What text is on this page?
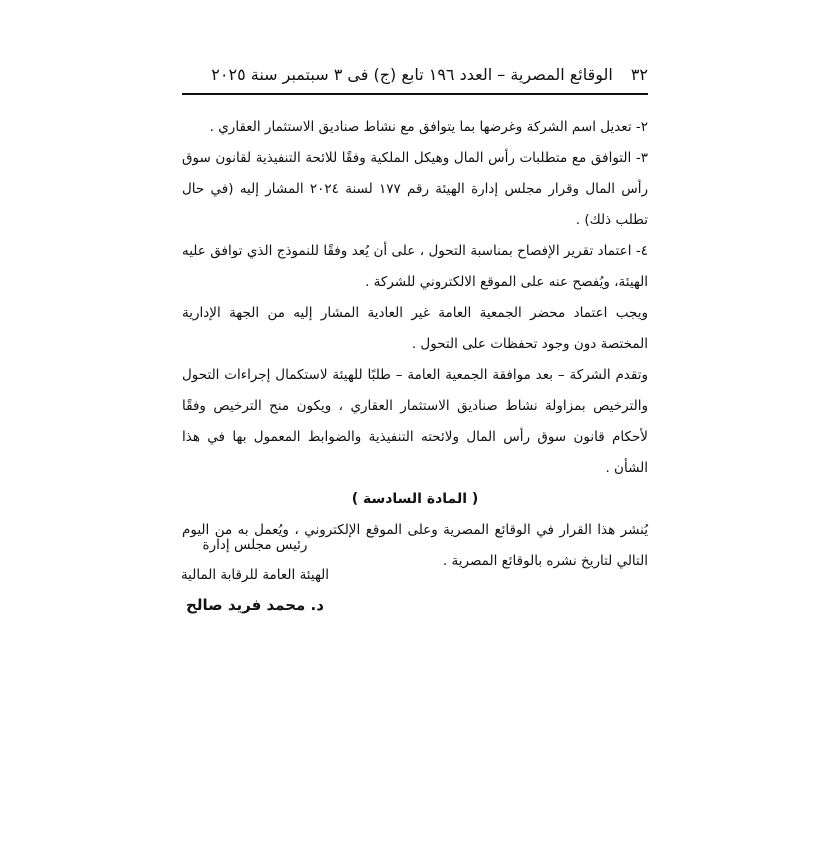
٣٢الوقائع المصرية – العدد ١٩٦ تابع (ج) فى ٣ سبتمبر سنة ٢٠٢٥

٢- تعديل اسم الشركة وغرضها بما يتوافق مع نشاط صناديق الاستثمار العقاري .

٣- التوافق مع متطلبات رأس المال وهيكل الملكية وفقًا للائحة التنفيذية لقانون سوق رأس المال وقرار مجلس إدارة الهيئة رقم ١٧٧ لسنة ٢٠٢٤ المشار إليه (في حال تطلب ذلك) .

٤- اعتماد تقرير الإفصاح بمناسبة التحول ، على أن يُعد وفقًا للنموذج الذي توافق عليه الهيئة، ويُفصح عنه على الموقع الالكتروني للشركة .

ويجب اعتماد محضر الجمعية العامة غير العادية المشار إليه من الجهة الإدارية المختصة دون وجود تحفظات على التحول .

وتقدم الشركة – بعد موافقة الجمعية العامة – طلبًا للهيئة لاستكمال إجراءات التحول والترخيص بمزاولة نشاط صناديق الاستثمار العقاري ، ويكون منح الترخيص وفقًا لأحكام قانون سوق رأس المال ولائحته التنفيذية والضوابط المعمول بها في هذا الشأن .

( المادة السادسة )

يُنشر هذا القرار في الوقائع المصرية وعلى الموقع الإلكتروني ، ويُعمل به من اليوم التالي لتاريخ نشره بالوقائع المصرية .

رئيس مجلس إدارة
الهيئة العامة للرقابة المالية
د. محمد فريد صالح
